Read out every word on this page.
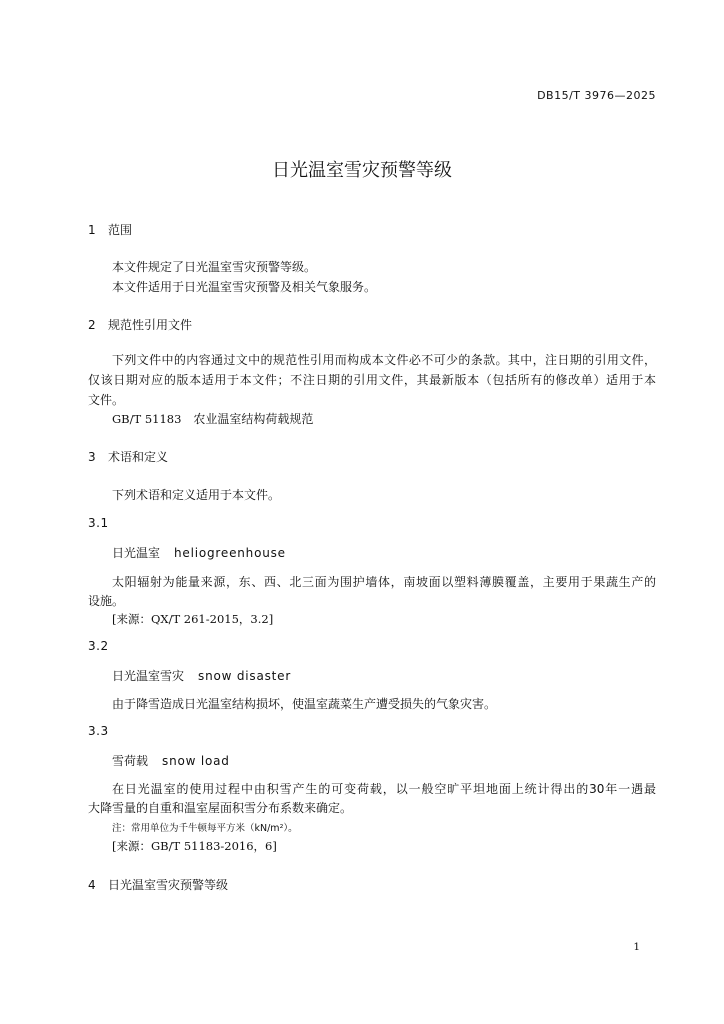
DB15/T 3976—2025
日光温室雪灾预警等级
1 范围
本文件规定了日光温室雪灾预警等级。
本文件适用于日光温室雪灾预警及相关气象服务。
2 规范性引用文件
下列文件中的内容通过文中的规范性引用而构成本文件必不可少的条款。其中，注日期的引用文件，
仅该日期对应的版本适用于本文件；不注日期的引用文件，其最新版本（包括所有的修改单）适用于本
文件。
GB/T 51183 农业温室结构荷载规范
3 术语和定义
下列术语和定义适用于本文件。
3.1
日光温室 heliogreenhouse
太阳辐射为能量来源，东、西、北三面为围护墙体，南坡面以塑料薄膜覆盖，主要用于果蔬生产的
设施。
[来源：QX/T 261-2015，3.2]
3.2
日光温室雪灾 snow disaster
由于降雪造成日光温室结构损坏，使温室蔬菜生产遭受损失的气象灾害。
3.3
雪荷载 snow load
在日光温室的使用过程中由积雪产生的可变荷载，以一般空旷平坦地面上统计得出的30年一遇最
大降雪量的自重和温室屋面积雪分布系数来确定。
注：常用单位为千牛顿每平方米（kN/m²）。
[来源：GB/T 51183-2016，6]
4 日光温室雪灾预警等级
1
